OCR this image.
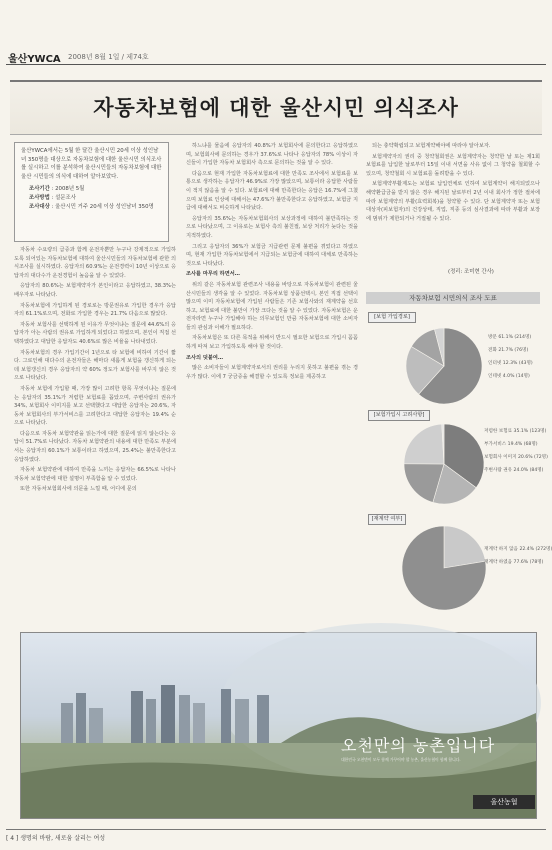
울산YWCA 2008년 8월 1일 / 제74호
자동차보험에 대한 울산시민 의식조사
울산YWCA에서는 5월 한 달간 울산시민 20세 이상 성인남녀 350명을 대상으로 자동차보험에 대한 울산시민 의식조사를 실시하고 이를 분석하여 울산시민들의 자동차보험에 대한 울산 시민들의 의식에 대하여 알아보았다.
조사기간 : 2008년 5월
조사방법 : 설문조사
조사대상 : 울산시민 거주 20세 이상 성인남녀 350명

자동차 수요량의 급증과 함께 운전자뿐만 누구나 강제적으로 가입하도록 되어있는 자동차보험에 대하여 울산시민들의 자동차보험에 관한 의식조사를 실시하였다. 응답자의 60.9%는 운전경력이 10년 이상으로 응답자의 대다수가 운전경험이 높음을 알 수 있었다.

응답자의 80.6%는 보험계약자가 본인이라고 응답하였고, 38.3%는 배우자로 나타났다.

자동차보험에 가입하게 된 경로로는 방문권유로 가입한 경우가 응답자의 61.1%로으며, 전화로 가입한 경우는 21.7% 다음으로 많았다.

자동차 보험사를 선택하게 된 이유가 무엇이냐는 질문에 44.6%의 응답자가 아는 사람의 권유로 가입하게 되었다고 하였으며, 본인이 직접 선택하였다고 대답한 응답자도 40.6%로 많은 비율을 나타내었다.

자동차보험의 경우 가입기간이 1년으로 타 보험에 비하여 기간이 짧다. 그로인해 대다수의 운전자들은 해마다 새롭게 보험을 갱신하게 되는데 보험갱신의 경우 응답자의 약 60% 정도가 보험사를 바꾸지 않은 것으로 나타났다.

자동차 보험에 가입할 때, 가장 많이 고려한 항목 무엇이냐는 질문에는 응답자의 35.1%가 저렴한 보험료를 꼽았으며, 주변사람의 권유가 34%, 보험회사 이미지를 보고 선택했다고 대답한 응답자는 20.6%, 자동차 보험회사의 부가서비스를 고려한다고 대답한 응답자는 19.4% 순으로 나타났다.

다음으로 자동차 보험약관을 읽는가에 대한 질문에 읽지 않는다는 응답이 51.7%로 나타났다. 자동차 보험약관의 내용에 대한 만족도 부분에서는 응답자의 60.1%가 보통이라고 하였으며, 25.4%는 불만족한다고 응답하였다.

자동차 보험약관에 대하여 만족을 느끼는 응답자는 66.5%로 나타나 자동차 보험약관에 대한 설명이 부족함을 알 수 있었다.

또한 자동차보험회사에 의문을 느낄 때, 어디에 문의

하느냐를 물음에 응답자의 40.8%가 보험회사에 문의한다고 응답하였으며, 보험회사에 문의하는 경우가 37.6%로 나타나 응답자의 78% 이상이 자신들이 가입한 자동차 보험회사 측으로 문의하는 것을 알 수 있다.

다음으로 현재 가입한 자동차보험료에 대한 만족도 조사에서 보험료를 보통으로 생각하는 응답자가 46.9%로 가장 많았으며, 보통이라 응답한 사람들이 적지 않음을 알 수 있다. 보험료에 대해 만족한다는 응답은 16.7%에 그쳤으며 보험료 인상에 대해서는 47.6%가 불만족한다고 응답하였고, 보험금 지급에 대해서도 비슷하게 나타났다.

응답자의 35.6%는 자동차보험회사의 보상과정에 대하여 불만족하는 것으로 나타났으며, 그 이유로는 보험사 측의 불친절, 보상 처리가 늦다는 것을 지적하였다.

그리고 응답자의 36%가 보험금 지급관련 문제 불편을 겪었다고 하였으며, 현재 가입한 자동차보험에서 지급되는 보험금에 대하여 대체로 만족하는 것으로 나타났다.

조사를 마무리 하면서…

위의 같은 자동차보험 관련조사 내용을 바탕으로 자동차보험이 관련된 울산시민들의 생각을 알 수 있었다. 자동차보험 상품선택시, 본인 직접 선택이 많으며 이미 자동차보험에 가입된 사람들은 기존 보험사와의 재계약을 선호하고, 보험료에 대한 불만이 가장 크다는 것을 알 수 있었다. 자동차보험은 운전자라면 누구나 가입해야 하는 의무보험인 만큼 자동차보험에 대한 소비자들의 관심과 이해가 필요하다.

자동차보험은 또 다른 목적을 위해서 반드시 필요한 보험으로 가입시 꼼꼼하게 따져 보고 가입하도록 해야 할 것이다.

조사의 덧붙여…

많은 소비자들이 보험계약자로서의 권리를 누리지 못하고 불편을 겪는 경우가 많다. 이에 7 궁금증을 해결할 수 있도록 정보를 제공하고

되는 충약확립되고 보험계약해야에 따라야 알아보자.

보험계약자의 권리 중 청약철회권은 보험계약자는 청약한 날 또는 제1회 보험료를 납입한 날로부터 15일 이내 서면을 사유 없이 그 청약을 철회할 수 있으며, 청약철회 시 보험료를 돌려받을 수 있다.

보험계약부활제도는 보험료 납입연체로 인하여 보험계약이 해지되었으나 해약환급금을 받지 않은 경우 해지된 날로부터 2년 이내 회사가 정한 절차에 따라 보험계약의 부활(효력회복)을 청약할 수 있다. 단 보험계약자 또는 보험대상자(피보험자)의 건강상태, 직업, 직종 등의 심사결과에 따라 부활과 보장에 범위가 제한되거나 거절될 수 있다.

(정리: 조미현 간사)
자동차보험 시민의식 조사 도표
[보험 가입경로]
방문 61.1% (214명)
전화 21.7% (76명)
인터넷 12.3% (43명)
인테넷 4.0% (14명)
[보험가입시 고려사항]
저렴한 보험료 35.1% (123명)
부가서비스 19.4% (68명)
보험회사 이미지 20.6% (72명)
주변사람 권유 24.0% (84명)
[재계약 여부]
재계약 하지 않음 22.4% (272명)
재계약 하였음 77.6% (78명)
오천만의 농촌입니다
대한민국 오천만이 모두 함께 가꾸어야 할 농촌, 울산농협이 함께 합니다.
울산농협
[ 4 ] 생명의 바람, 새로움 살리는 여성
